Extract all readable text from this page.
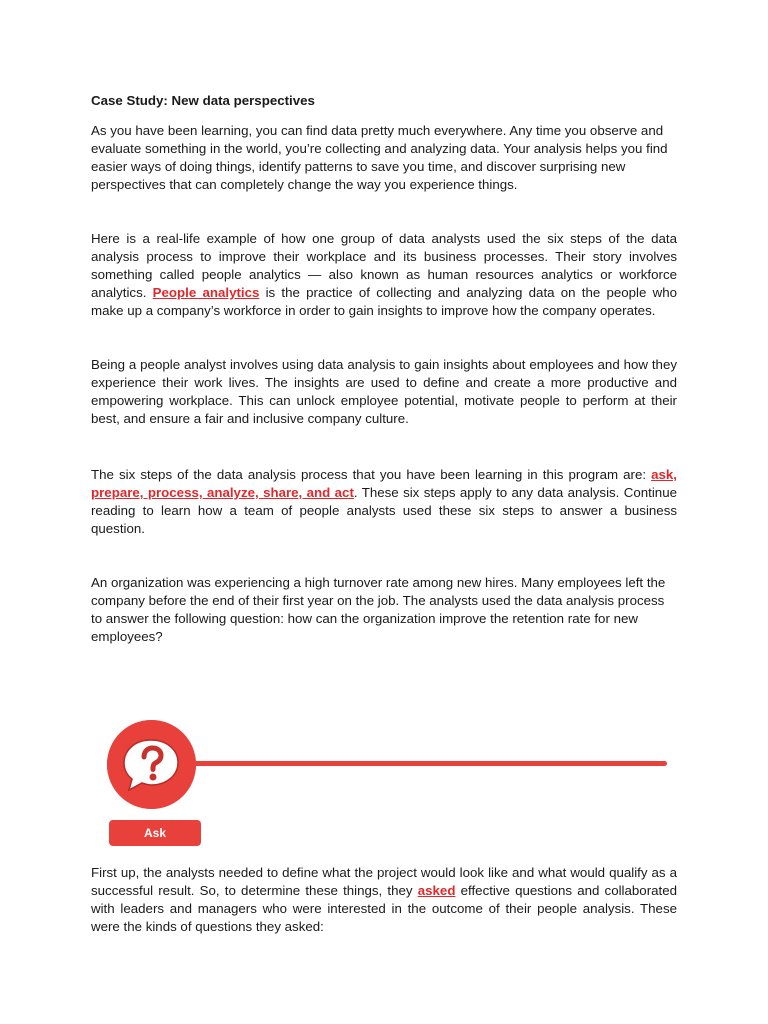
Case Study: New data perspectives

As you have been learning, you can find data pretty much everywhere. Any time you observe and evaluate something in the world, you’re collecting and analyzing data. Your analysis helps you find easier ways of doing things, identify patterns to save you time, and discover surprising new perspectives that can completely change the way you experience things.

Here is a real-life example of how one group of data analysts used the six steps of the data analysis process to improve their workplace and its business processes. Their story involves something called people analytics — also known as human resources analytics or workforce analytics. People analytics is the practice of collecting and analyzing data on the people who make up a company’s workforce in order to gain insights to improve how the company operates.

Being a people analyst involves using data analysis to gain insights about employees and how they experience their work lives. The insights are used to define and create a more productive and empowering workplace. This can unlock employee potential, motivate people to perform at their best, and ensure a fair and inclusive company culture.

The six steps of the data analysis process that you have been learning in this program are: ask, prepare, process, analyze, share, and act. These six steps apply to any data analysis. Continue reading to learn how a team of people analysts used these six steps to answer a business question.

An organization was experiencing a high turnover rate among new hires. Many employees left the company before the end of their first year on the job. The analysts used the data analysis process to answer the following question: how can the organization improve the retention rate for new employees?

First up, the analysts needed to define what the project would look like and what would qualify as a successful result. So, to determine these things, they asked effective questions and collaborated with leaders and managers who were interested in the outcome of their people analysis. These were the kinds of questions they asked:

Ask
